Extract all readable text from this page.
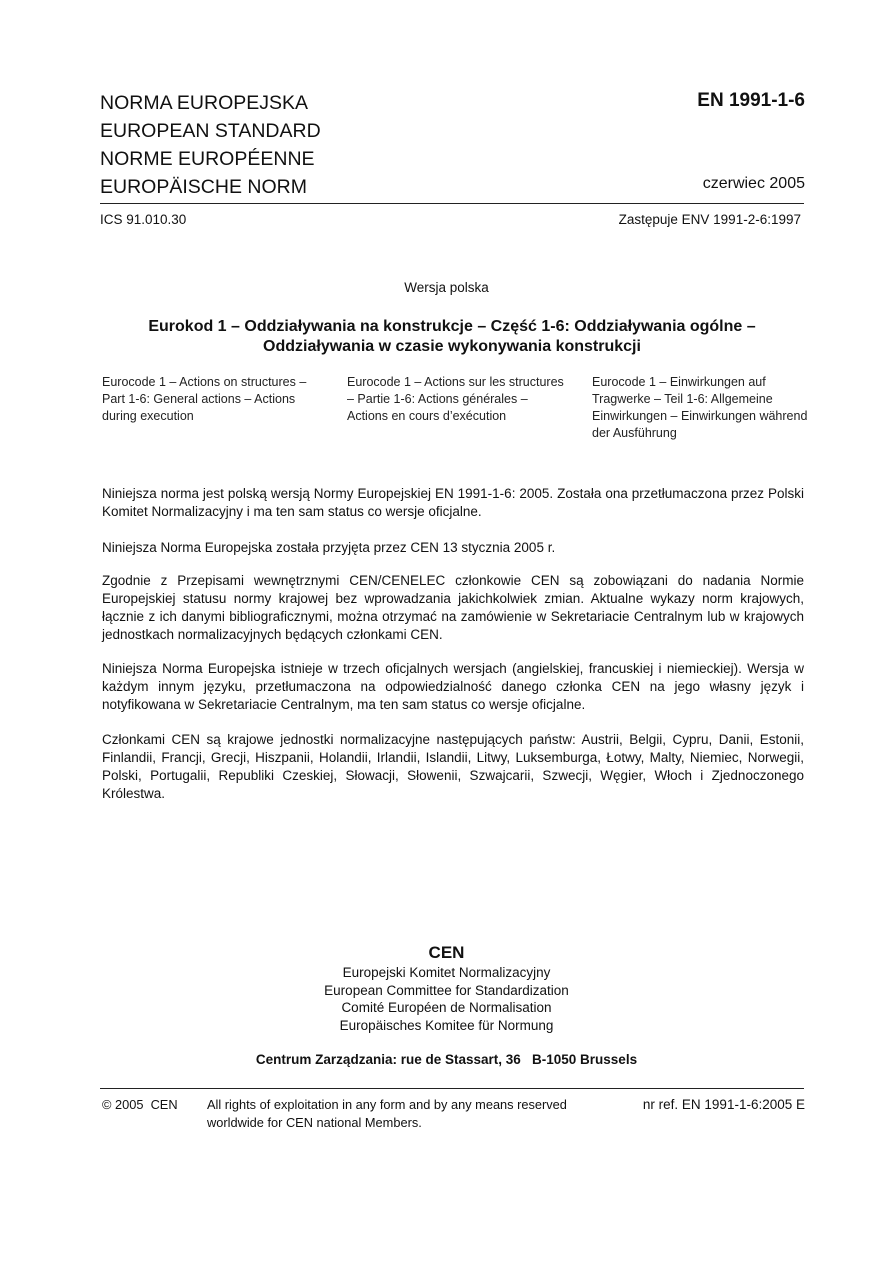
NORMA EUROPEJSKA
EUROPEAN STANDARD
NORME EUROPÉENNE
EUROPÄISCHE NORM
EN 1991-1-6
czerwiec 2005
ICS 91.010.30	Zastępuje ENV 1991-2-6:1997
Wersja polska
Eurokod 1 – Oddziaływania na konstrukcje – Część 1-6: Oddziaływania ogólne –
Oddziaływania w czasie wykonywania konstrukcji
Eurocode 1 – Actions on structures – Part 1-6: General actions – Actions during execution
Eurocode 1 – Actions sur les structures – Partie 1-6: Actions générales – Actions en cours d’exécution
Eurocode 1 – Einwirkungen auf Tragwerke – Teil 1-6: Allgemeine Einwirkungen – Einwirkungen während der Ausführung

Niniejsza norma jest polską wersją Normy Europejskiej EN 1991-1-6: 2005. Została ona przetłumaczona przez Polski Komitet Normalizacyjny i ma ten sam status co wersje oficjalne.

Niniejsza Norma Europejska została przyjęta przez CEN 13 stycznia 2005 r.

Zgodnie z Przepisami wewnętrznymi CEN/CENELEC członkowie CEN są zobowiązani do nadania Normie Europejskiej statusu normy krajowej bez wprowadzania jakichkolwiek zmian. Aktualne wykazy norm krajowych, łącznie z ich danymi bibliograficznymi, można otrzymać na zamówienie w Sekretariacie Centralnym lub w krajowych jednostkach normalizacyjnych będących członkami CEN.

Niniejsza Norma Europejska istnieje w trzech oficjalnych wersjach (angielskiej, francuskiej i niemieckiej). Wersja w każdym innym języku, przetłumaczona na odpowiedzialność danego członka CEN na jego własny język i notyfikowana w Sekretariacie Centralnym, ma ten sam status co wersje oficjalne.

Członkami CEN są krajowe jednostki normalizacyjne następujących państw: Austrii, Belgii, Cypru, Danii, Estonii, Finlandii, Francji, Grecji, Hiszpanii, Holandii, Irlandii, Islandii, Litwy, Luksemburga, Łotwy, Malty, Niemiec, Norwegii, Polski, Portugalii, Republiki Czeskiej, Słowacji, Słowenii, Szwajcarii, Szwecji, Węgier, Włoch i Zjednoczonego Królestwa.

CEN
Europejski Komitet Normalizacyjny
European Committee for Standardization
Comité Européen de Normalisation
Europäisches Komitee für Normung
Centrum Zarządzania: rue de Stassart, 36   B-1050 Brussels
© 2005  CEN All rights of exploitation in any form and by any means reserved worldwide for CEN national Members.
nr ref. EN 1991-1-6:2005 E
